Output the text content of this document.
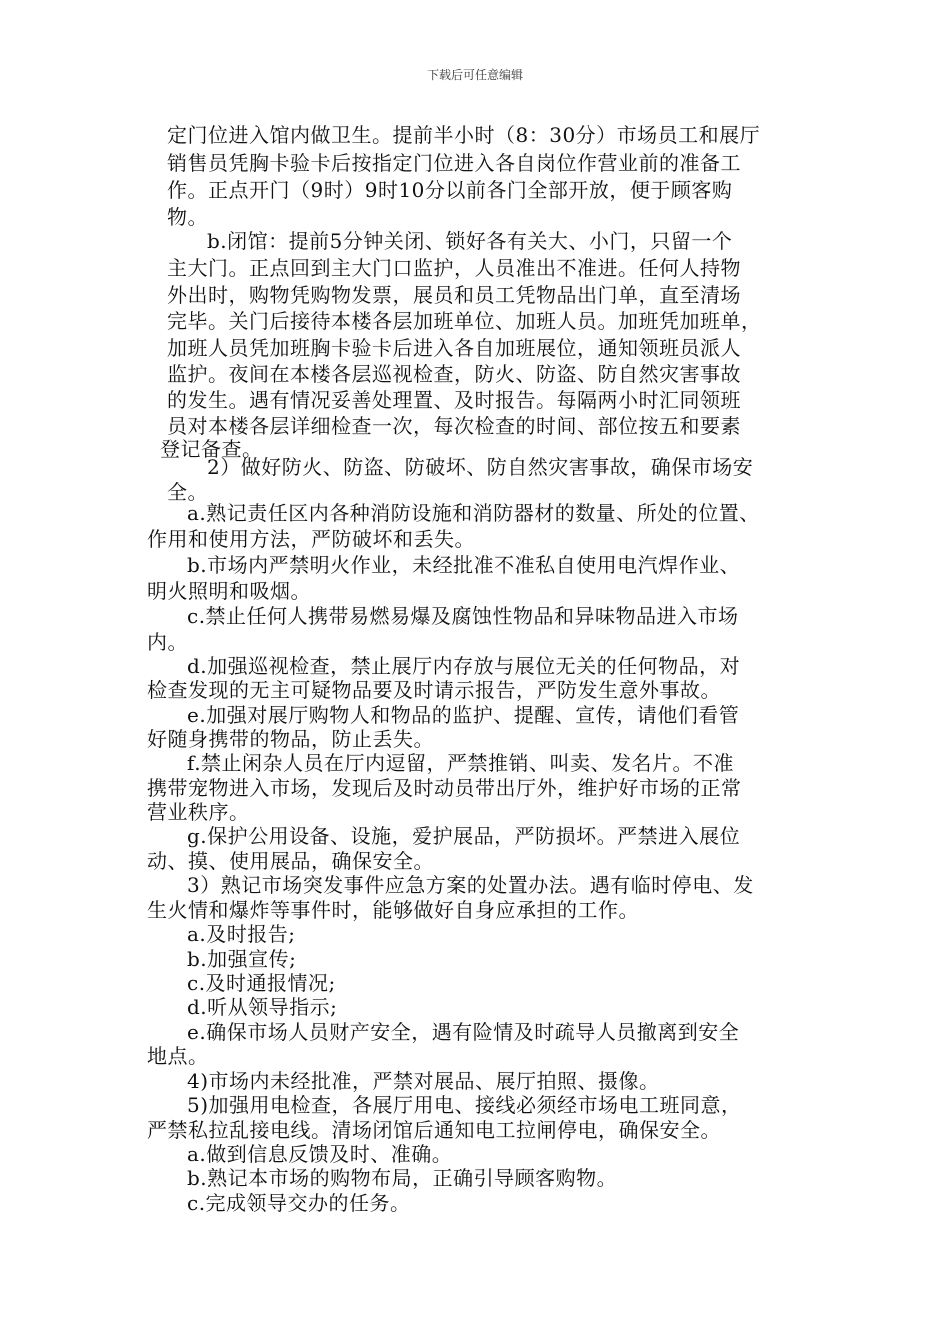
下载后可任意编辑
定门位进入馆内做卫生。提前半小时（8：30分）市场员工和展厅
销售员凭胸卡验卡后按指定门位进入各自岗位作营业前的准备工
作。正点开门（9时）9时10分以前各门全部开放，便于顾客购
物。
b.闭馆：提前5分钟关闭、锁好各有关大、小门，只留一个
主大门。正点回到主大门口监护，人员准出不准进。任何人持物
外出时，购物凭购物发票，展员和员工凭物品出门单，直至清场
完毕。关门后接待本楼各层加班单位、加班人员。加班凭加班单，
加班人员凭加班胸卡验卡后进入各自加班展位，通知领班员派人
监护。夜间在本楼各层巡视检查，防火、防盗、防自然灾害事故
的发生。遇有情况妥善处理置、及时报告。每隔两小时汇同领班
员对本楼各层详细检查一次，每次检查的时间、部位按五和要素
登记备查。
2）做好防火、防盗、防破坏、防自然灾害事故，确保市场安
全。
a.熟记责任区内各种消防设施和消防器材的数量、所处的位置、
作用和使用方法，严防破坏和丢失。
b.市场内严禁明火作业，未经批准不准私自使用电汽焊作业、
明火照明和吸烟。
c.禁止任何人携带易燃易爆及腐蚀性物品和异味物品进入市场
内。
d.加强巡视检查，禁止展厅内存放与展位无关的任何物品，对
检查发现的无主可疑物品要及时请示报告，严防发生意外事故。
e.加强对展厅购物人和物品的监护、提醒、宣传，请他们看管
好随身携带的物品，防止丢失。
f.禁止闲杂人员在厅内逗留，严禁推销、叫卖、发名片。不准
携带宠物进入市场，发现后及时动员带出厅外，维护好市场的正常
营业秩序。
g.保护公用设备、设施，爱护展品，严防损坏。严禁进入展位
动、摸、使用展品，确保安全。
3）熟记市场突发事件应急方案的处置办法。遇有临时停电、发
生火情和爆炸等事件时，能够做好自身应承担的工作。
a.及时报告;
b.加强宣传;
c.及时通报情况;
d.听从领导指示;
e.确保市场人员财产安全，遇有险情及时疏导人员撤离到安全
地点。
4)市场内未经批准，严禁对展品、展厅拍照、摄像。
5)加强用电检查，各展厅用电、接线必须经市场电工班同意，
严禁私拉乱接电线。清场闭馆后通知电工拉闸停电，确保安全。
a.做到信息反馈及时、准确。
b.熟记本市场的购物布局，正确引导顾客购物。
c.完成领导交办的任务。
